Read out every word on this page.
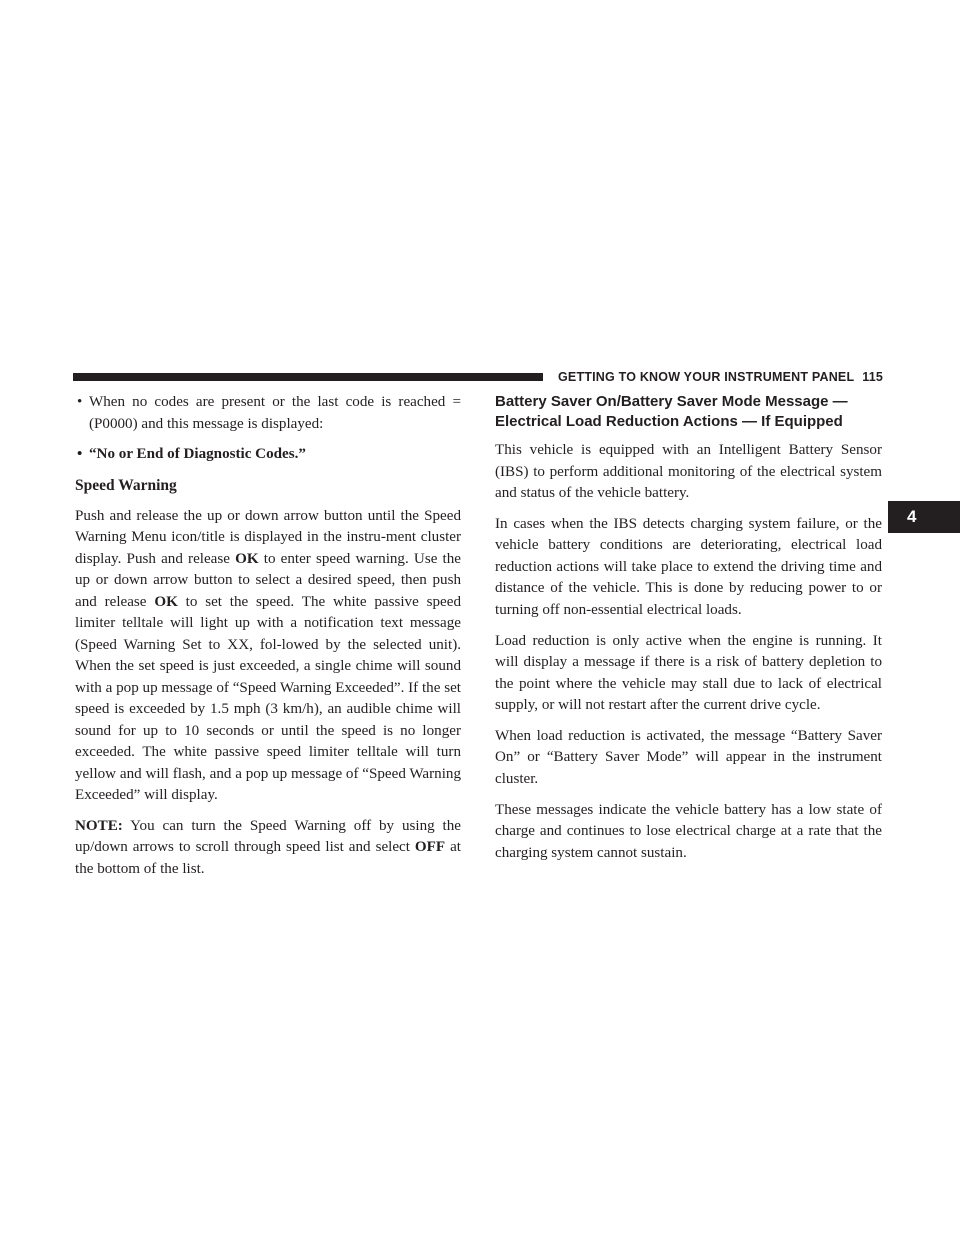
GETTING TO KNOW YOUR INSTRUMENT PANEL 115
4

• When no codes are present or the last code is reached = (P0000) and this message is displayed:

• “No or End of Diagnostic Codes.”

Speed Warning

Push and release the up or down arrow button until the Speed Warning Menu icon/title is displayed in the instru-ment cluster display. Push and release OK to enter speed warning. Use the up or down arrow button to select a desired speed, then push and release OK to set the speed. The white passive speed limiter telltale will light up with a notification text message (Speed Warning Set to XX, fol-lowed by the selected unit). When the set speed is just exceeded, a single chime will sound with a pop up message of “Speed Warning Exceeded”. If the set speed is exceeded by 1.5 mph (3 km/h), an audible chime will sound for up to 10 seconds or until the speed is no longer exceeded. The white passive speed limiter telltale will turn yellow and will flash, and a pop up message of “Speed Warning Exceeded” will display.

NOTE: You can turn the Speed Warning off by using the up/down arrows to scroll through speed list and select OFF at the bottom of the list.

Battery Saver On/Battery Saver Mode Message — Electrical Load Reduction Actions — If Equipped

This vehicle is equipped with an Intelligent Battery Sensor (IBS) to perform additional monitoring of the electrical system and status of the vehicle battery.

In cases when the IBS detects charging system failure, or the vehicle battery conditions are deteriorating, electrical load reduction actions will take place to extend the driving time and distance of the vehicle. This is done by reducing power to or turning off non-essential electrical loads.

Load reduction is only active when the engine is running. It will display a message if there is a risk of battery depletion to the point where the vehicle may stall due to lack of electrical supply, or will not restart after the current drive cycle.

When load reduction is activated, the message “Battery Saver On” or “Battery Saver Mode” will appear in the instrument cluster.

These messages indicate the vehicle battery has a low state of charge and continues to lose electrical charge at a rate that the charging system cannot sustain.
